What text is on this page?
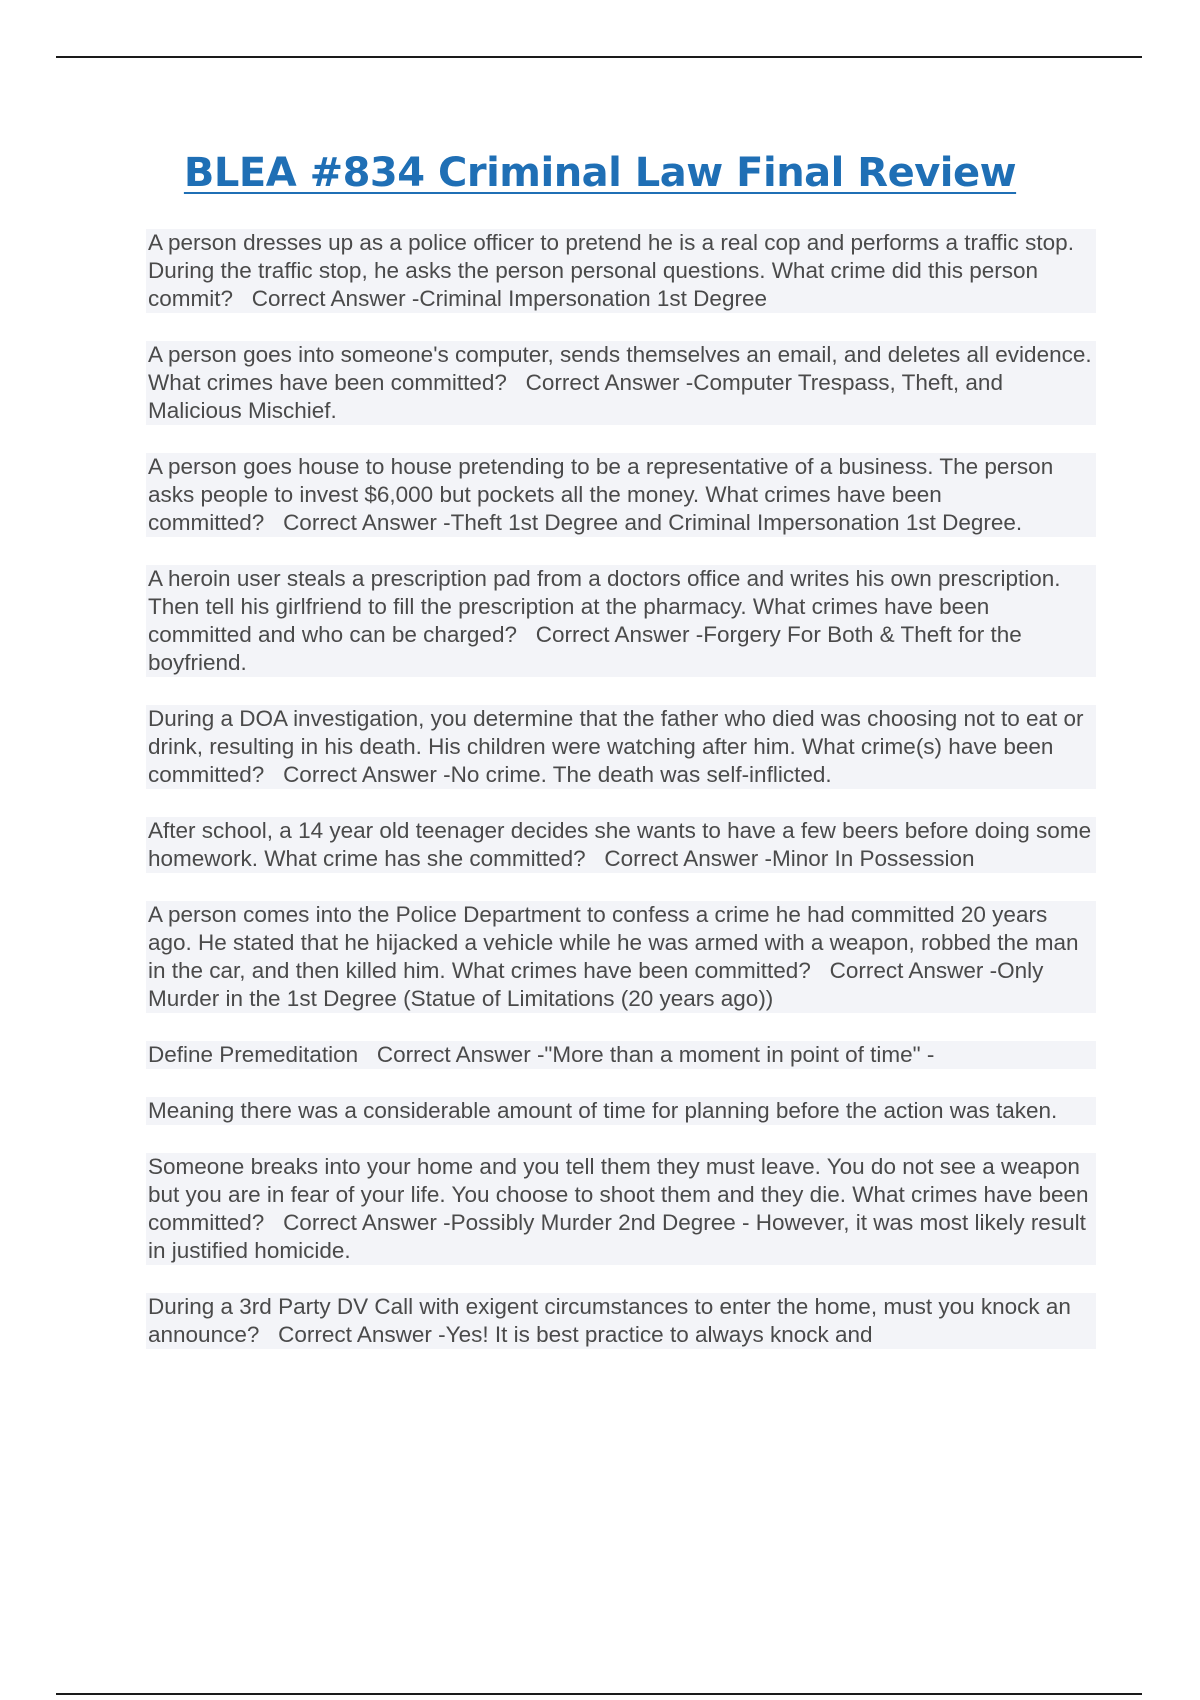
BLEA #834 Criminal Law Final Review

A person dresses up as a police officer to pretend he is a real cop and performs a traffic stop. During the traffic stop, he asks the person personal questions. What crime did this person commit? Correct Answer -Criminal Impersonation 1st Degree

A person goes into someone's computer, sends themselves an email, and deletes all evidence. What crimes have been committed? Correct Answer -Computer Trespass, Theft, and Malicious Mischief.

A person goes house to house pretending to be a representative of a business. The person asks people to invest $6,000 but pockets all the money. What crimes have been committed? Correct Answer -Theft 1st Degree and Criminal Impersonation 1st Degree.

A heroin user steals a prescription pad from a doctors office and writes his own prescription. Then tell his girlfriend to fill the prescription at the pharmacy. What crimes have been committed and who can be charged? Correct Answer -Forgery For Both & Theft for the boyfriend.

During a DOA investigation, you determine that the father who died was choosing not to eat or drink, resulting in his death. His children were watching after him. What crime(s) have been committed? Correct Answer -No crime. The death was self-inflicted.

After school, a 14 year old teenager decides she wants to have a few beers before doing some homework. What crime has she committed? Correct Answer -Minor In Possession

A person comes into the Police Department to confess a crime he had committed 20 years ago. He stated that he hijacked a vehicle while he was armed with a weapon, robbed the man in the car, and then killed him. What crimes have been committed? Correct Answer -Only Murder in the 1st Degree (Statue of Limitations (20 years ago))

Define Premeditation Correct Answer -"More than a moment in point of time" -

Meaning there was a considerable amount of time for planning before the action was taken.

Someone breaks into your home and you tell them they must leave. You do not see a weapon but you are in fear of your life. You choose to shoot them and they die. What crimes have been committed? Correct Answer -Possibly Murder 2nd Degree - However, it was most likely result in justified homicide.

During a 3rd Party DV Call with exigent circumstances to enter the home, must you knock an announce? Correct Answer -Yes! It is best practice to always knock and
